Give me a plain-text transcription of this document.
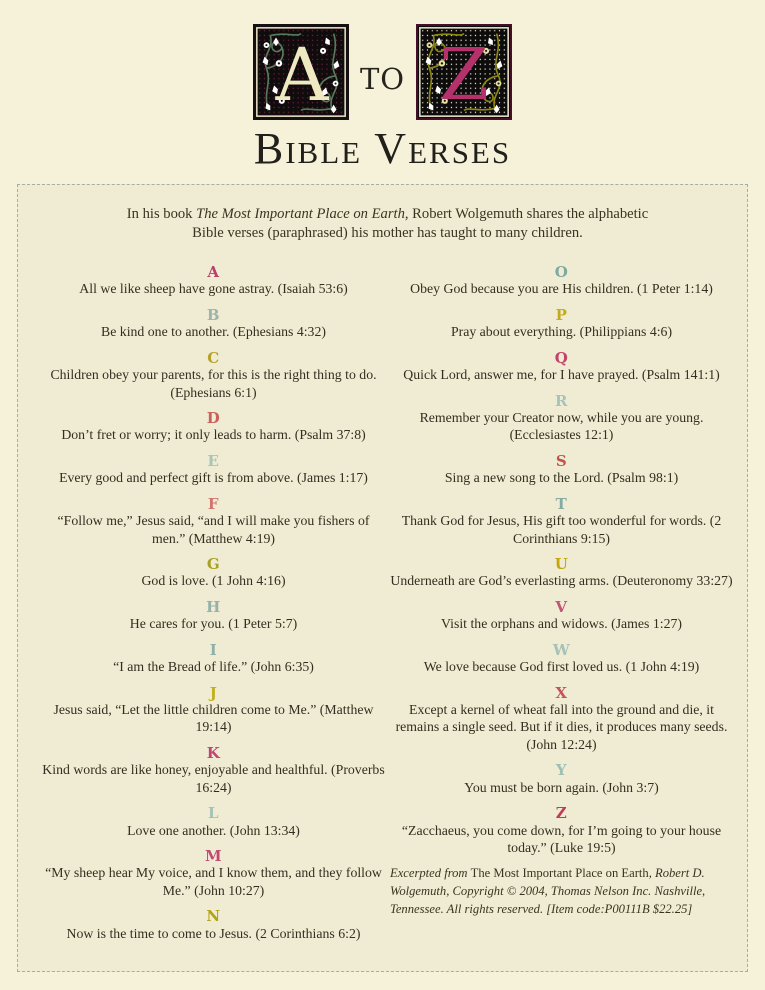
A TO Z
Bible Verses
In his book The Most Important Place on Earth, Robert Wolgemuth shares the alphabetic Bible verses (paraphrased) his mother has taught to many children.
A
All we like sheep have gone astray. (Isaiah 53:6)
B
Be kind one to another. (Ephesians 4:32)
C
Children obey your parents, for this is the right thing to do. (Ephesians 6:1)
D
Don’t fret or worry; it only leads to harm. (Psalm 37:8)
E
Every good and perfect gift is from above. (James 1:17)
F
“Follow me,” Jesus said, “and I will make you fishers of men.” (Matthew 4:19)
G
God is love. (1 John 4:16)
H
He cares for you. (1 Peter 5:7)
I
“I am the Bread of life.” (John 6:35)
J
Jesus said, “Let the little children come to Me.” (Matthew 19:14)
K
Kind words are like honey, enjoyable and healthful. (Proverbs 16:24)
L
Love one another. (John 13:34)
M
“My sheep hear My voice, and I know them, and they follow Me.” (John 10:27)
N
Now is the time to come to Jesus. (2 Corinthians 6:2)
O
Obey God because you are His children. (1 Peter 1:14)
P
Pray about everything. (Philippians 4:6)
Q
Quick Lord, answer me, for I have prayed. (Psalm 141:1)
R
Remember your Creator now, while you are young. (Ecclesiastes 12:1)
S
Sing a new song to the Lord. (Psalm 98:1)
T
Thank God for Jesus, His gift too wonderful for words. (2 Corinthians 9:15)
U
Underneath are God’s everlasting arms. (Deuteronomy 33:27)
V
Visit the orphans and widows. (James 1:27)
W
We love because God first loved us. (1 John 4:19)
X
Except a kernel of wheat fall into the ground and die, it remains a single seed. But if it dies, it produces many seeds. (John 12:24)
Y
You must be born again. (John 3:7)
Z
“Zacchaeus, you come down, for I’m going to your house today.” (Luke 19:5)
Excerpted from The Most Important Place on Earth, Robert D. Wolgemuth, Copyright © 2004, Thomas Nelson Inc. Nashville, Tennessee. All rights reserved. [Item code:P00111B $22.25]
